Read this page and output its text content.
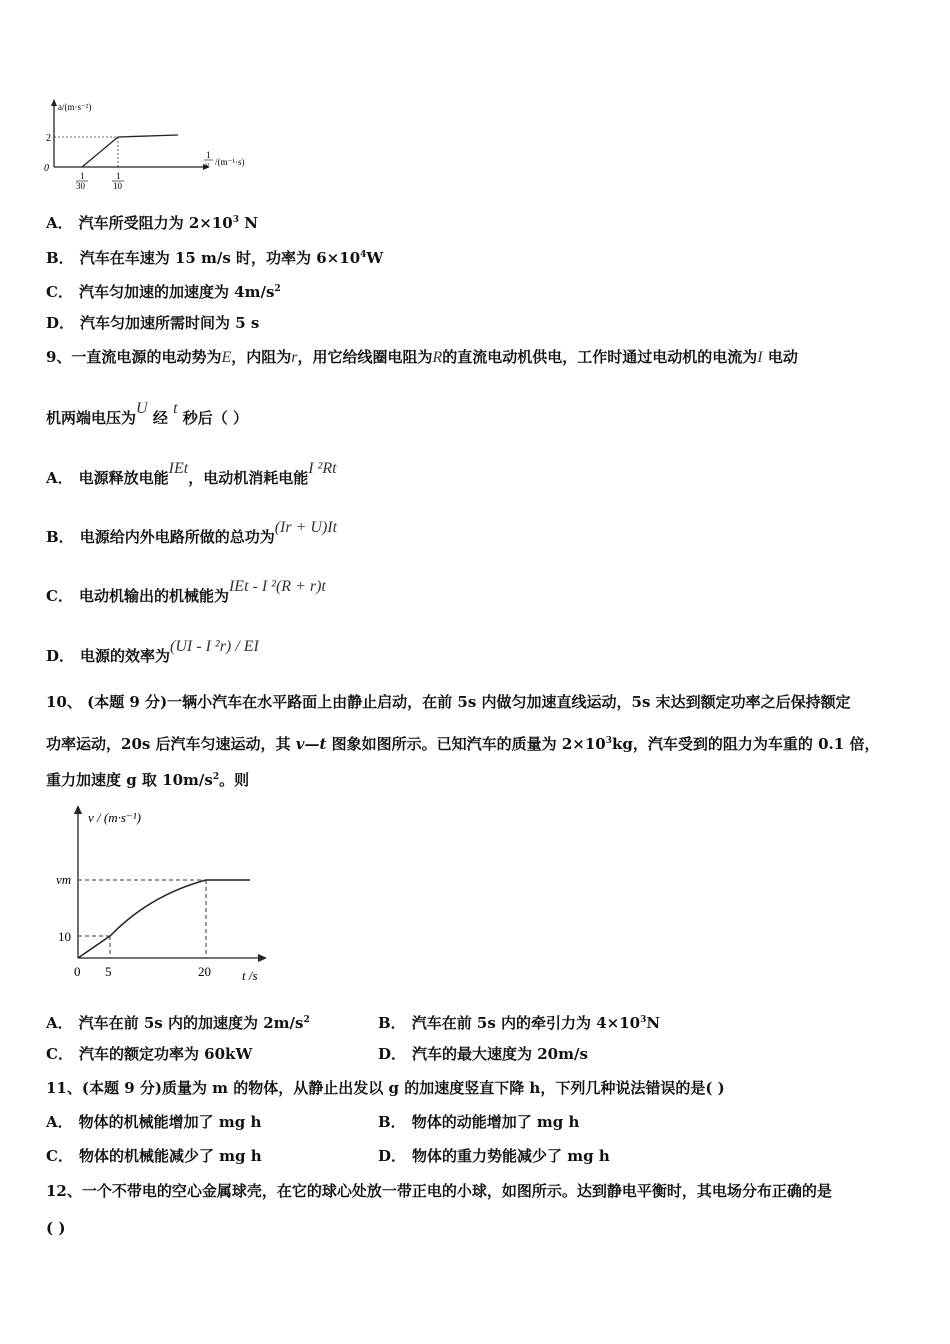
a/(m·s⁻²)
0
2
1
30
1
10
1
v /(m⁻¹·s)
A． 汽车所受阻力为 $2\times 10^3$ N
B． 汽车在车速为 15 m/s 时，功率为 $6\times 10^4W$
C． 汽车匀加速的加速度为 $4m/s^2$
D． 汽车匀加速所需时间为 5 s
9、一直流电源的电动势为E，内阻为r，用它给线圈电阻为R的直流电动机供电，工作时通过电动机的电流为I 电动
机两端电压为U 经 t 秒后（ ）
A． 电源释放电能IEt，电动机消耗电能I ²Rt
B． 电源给内外电路所做的总功为(Ir + U)It
C． 电动机输出的机械能为IEt - I ²(R + r)t
D． 电源的效率为(UI - I ²r) / EI
10、 (本题 9 分)一辆小汽车在水平路面上由静止启动，在前 5s 内做匀加速直线运动，5s 末达到额定功率之后保持额定
功率运动，20s 后汽车匀速运动，其 v—t 图象如图所示。已知汽车的质量为 $2\times 10^3kg$，汽车受到的阻力为车重的 0.1 倍，
重力加速度 g 取 $10m/s^2$。则
v / (m·s⁻¹)
vm
10
0 5	20 t /s
A． 汽车在前 5s 内的加速度为 $2m/s^2$	B． 汽车在前 5s 内的牵引力为 $4\times 10^3N$
C． 汽车的额定功率为 60kW	D． 汽车的最大速度为 20m/s
11、(本题 9 分)质量为 m 的物体，从静止出发以 g 的加速度竖直下降 h，下列几种说法错误的是( )
A． 物体的机械能增加了 mg h	B． 物体的动能增加了 mg h
C． 物体的机械能减少了 mg h	D． 物体的重力势能减少了 mg h
12、一个不带电的空心金属球壳，在它的球心处放一带正电的小球，如图所示。达到静电平衡时，其电场分布正确的是
( )
